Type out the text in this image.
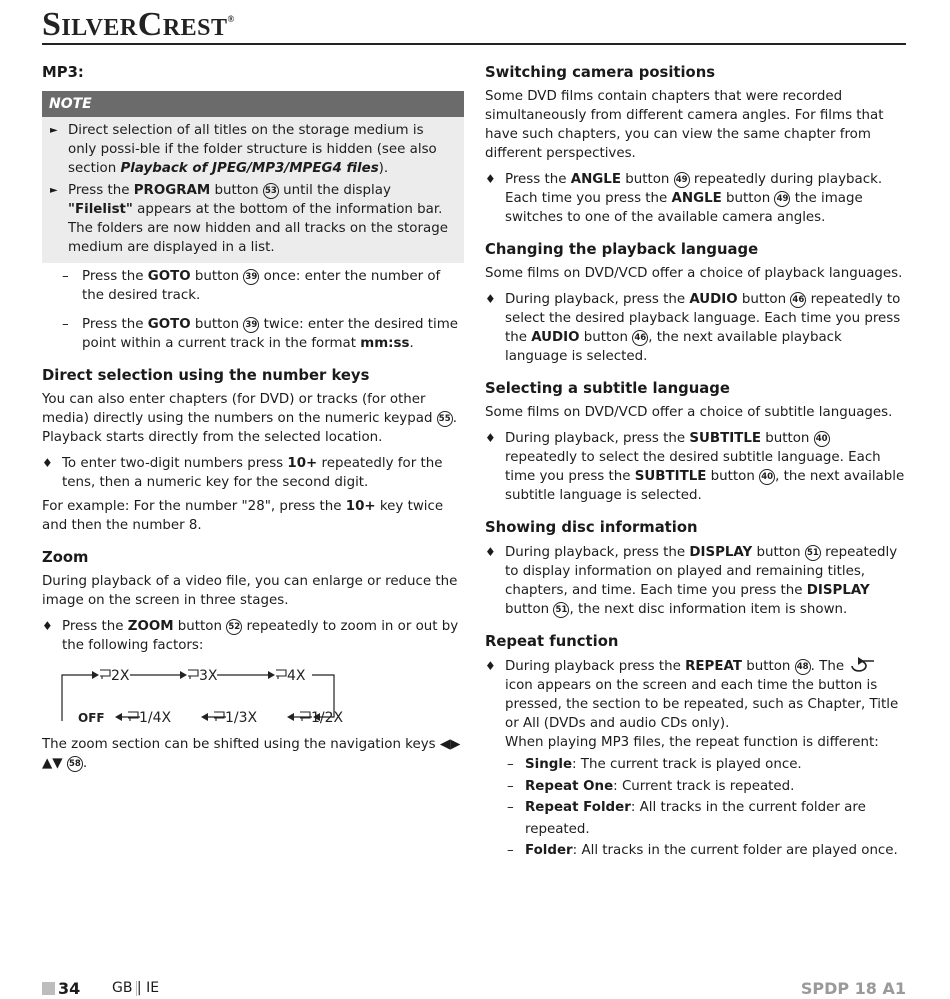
SILVERCREST®
MP3:
NOTE
► Direct selection of all titles on the storage medium is only possi-ble if the folder structure is hidden (see also section Playback of JPEG/MP3/MPEG4 files).
► Press the PROGRAM button 53 until the display "Filelist" appears at the bottom of the information bar. The folders are now hidden and all tracks on the storage medium are displayed in a list.
– Press the GOTO button 39 once: enter the number of the desired track.
– Press the GOTO button 39 twice: enter the desired time point within a current track in the format mm:ss.
Direct selection using the number keys

You can also enter chapters (for DVD) or tracks (for other media) directly using the numbers on the numeric keypad 55 . Playback starts directly from the selected location.

♦ To enter two-digit numbers press 10+ repeatedly for the tens, then a numeric key for the second digit.

For example: For the number "28", press the 10+ key twice and then the number 8.

Zoom

During playback of a video file, you can enlarge or reduce the image on the screen in three stages.

♦ Press the ZOOM button 52 repeatedly to zoom in or out by the following factors:
2X	3X	4X
OFF 1/4X	1/3X	1/2X

The zoom section can be shifted using the navigation keys ◀▶
▲▼ 58 .

Switching camera positions

Some DVD films contain chapters that were recorded simultaneously from different camera angles. For films that have such chapters, you can view the same chapter from different perspectives.

♦ Press the ANGLE button 49 repeatedly during playback. Each time you press the ANGLE button 49 the image switches to one of the available camera angles.
Changing the playback language

Some films on DVD/VCD offer a choice of playback languages.

♦ During playback, press the AUDIO button 46 repeatedly to select the desired playback language. Each time you press the AUDIO button 46 , the next available playback language is selected.
Selecting a subtitle language

Some films on DVD/VCD offer a choice of subtitle languages.

♦ During playback, press the SUBTITLE button 40 repeatedly to select the desired subtitle language. Each time you press the SUBTITLE button 40 , the next available subtitle language is selected.
Showing disc information
♦ During playback, press the DISPLAY button 51 repeatedly to display information on played and remaining titles, chapters, and time. Each time you press the DISPLAY button 51 , the next disc information item is shown.
Repeat function
♦ During playback press the REPEAT button 48 . The  icon appears on the screen and each time the button is pressed, the section to be repeated, such as Chapter, Title or All (DVDs and audio CDs only).
When playing MP3 files, the repeat function is different:
– Single: The current track is played once.
– Repeat One: Current track is repeated.
– Repeat Folder: All tracks in the current folder are repeated.
– Folder: All tracks in the current folder are played once.
34 GB | IE	SPDP 18 A1
